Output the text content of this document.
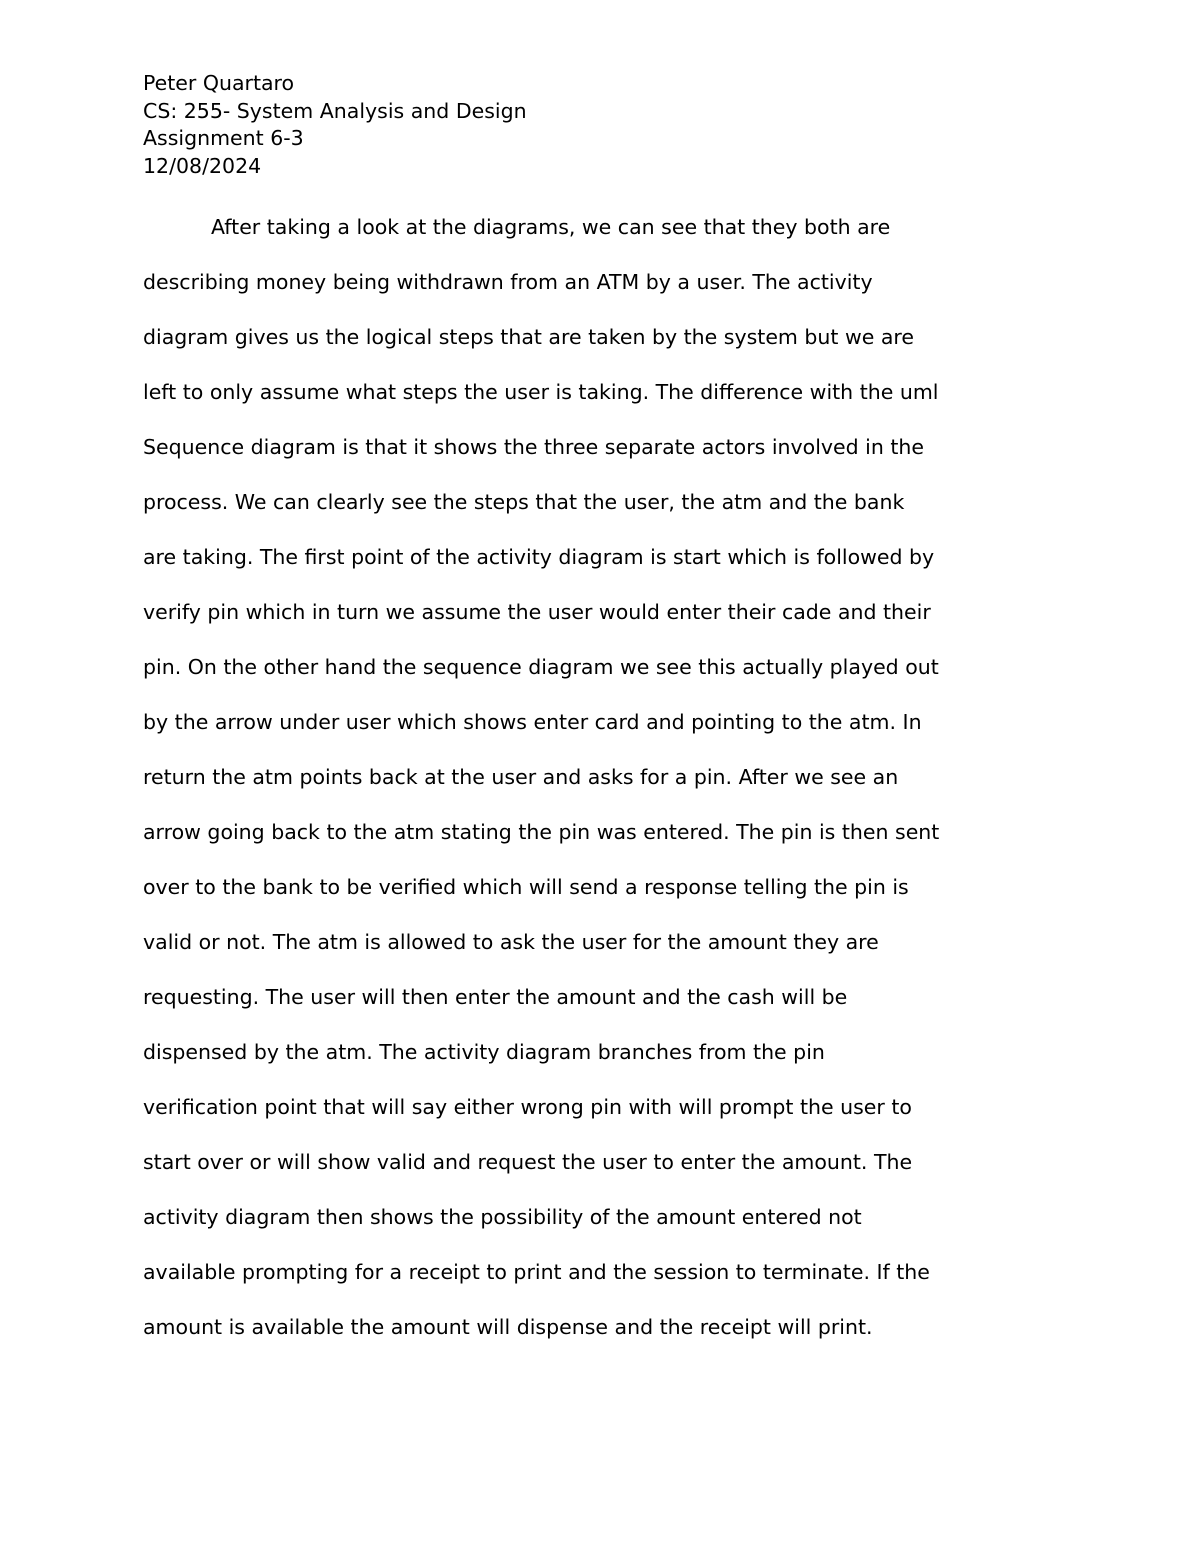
Peter Quartaro
CS: 255- System Analysis and Design
Assignment 6-3
12/08/2024
After taking a look at the diagrams, we can see that they both are
describing money being withdrawn from an ATM by a user. The activity
diagram gives us the logical steps that are taken by the system but we are
left to only assume what steps the user is taking. The difference with the uml
Sequence diagram is that it shows the three separate actors involved in the
process. We can clearly see the steps that the user, the atm and the bank
are taking. The first point of the activity diagram is start which is followed by
verify pin which in turn we assume the user would enter their cade and their
pin. On the other hand the sequence diagram we see this actually played out
by the arrow under user which shows enter card and pointing to the atm. In
return the atm points back at the user and asks for a pin. After we see an
arrow going back to the atm stating the pin was entered. The pin is then sent
over to the bank to be verified which will send a response telling the pin is
valid or not. The atm is allowed to ask the user for the amount they are
requesting. The user will then enter the amount and the cash will be
dispensed by the atm. The activity diagram branches from the pin
verification point that will say either wrong pin with will prompt the user to
start over or will show valid and request the user to enter the amount. The
activity diagram then shows the possibility of the amount entered not
available prompting for a receipt to print and the session to terminate. If the
amount is available the amount will dispense and the receipt will print.
